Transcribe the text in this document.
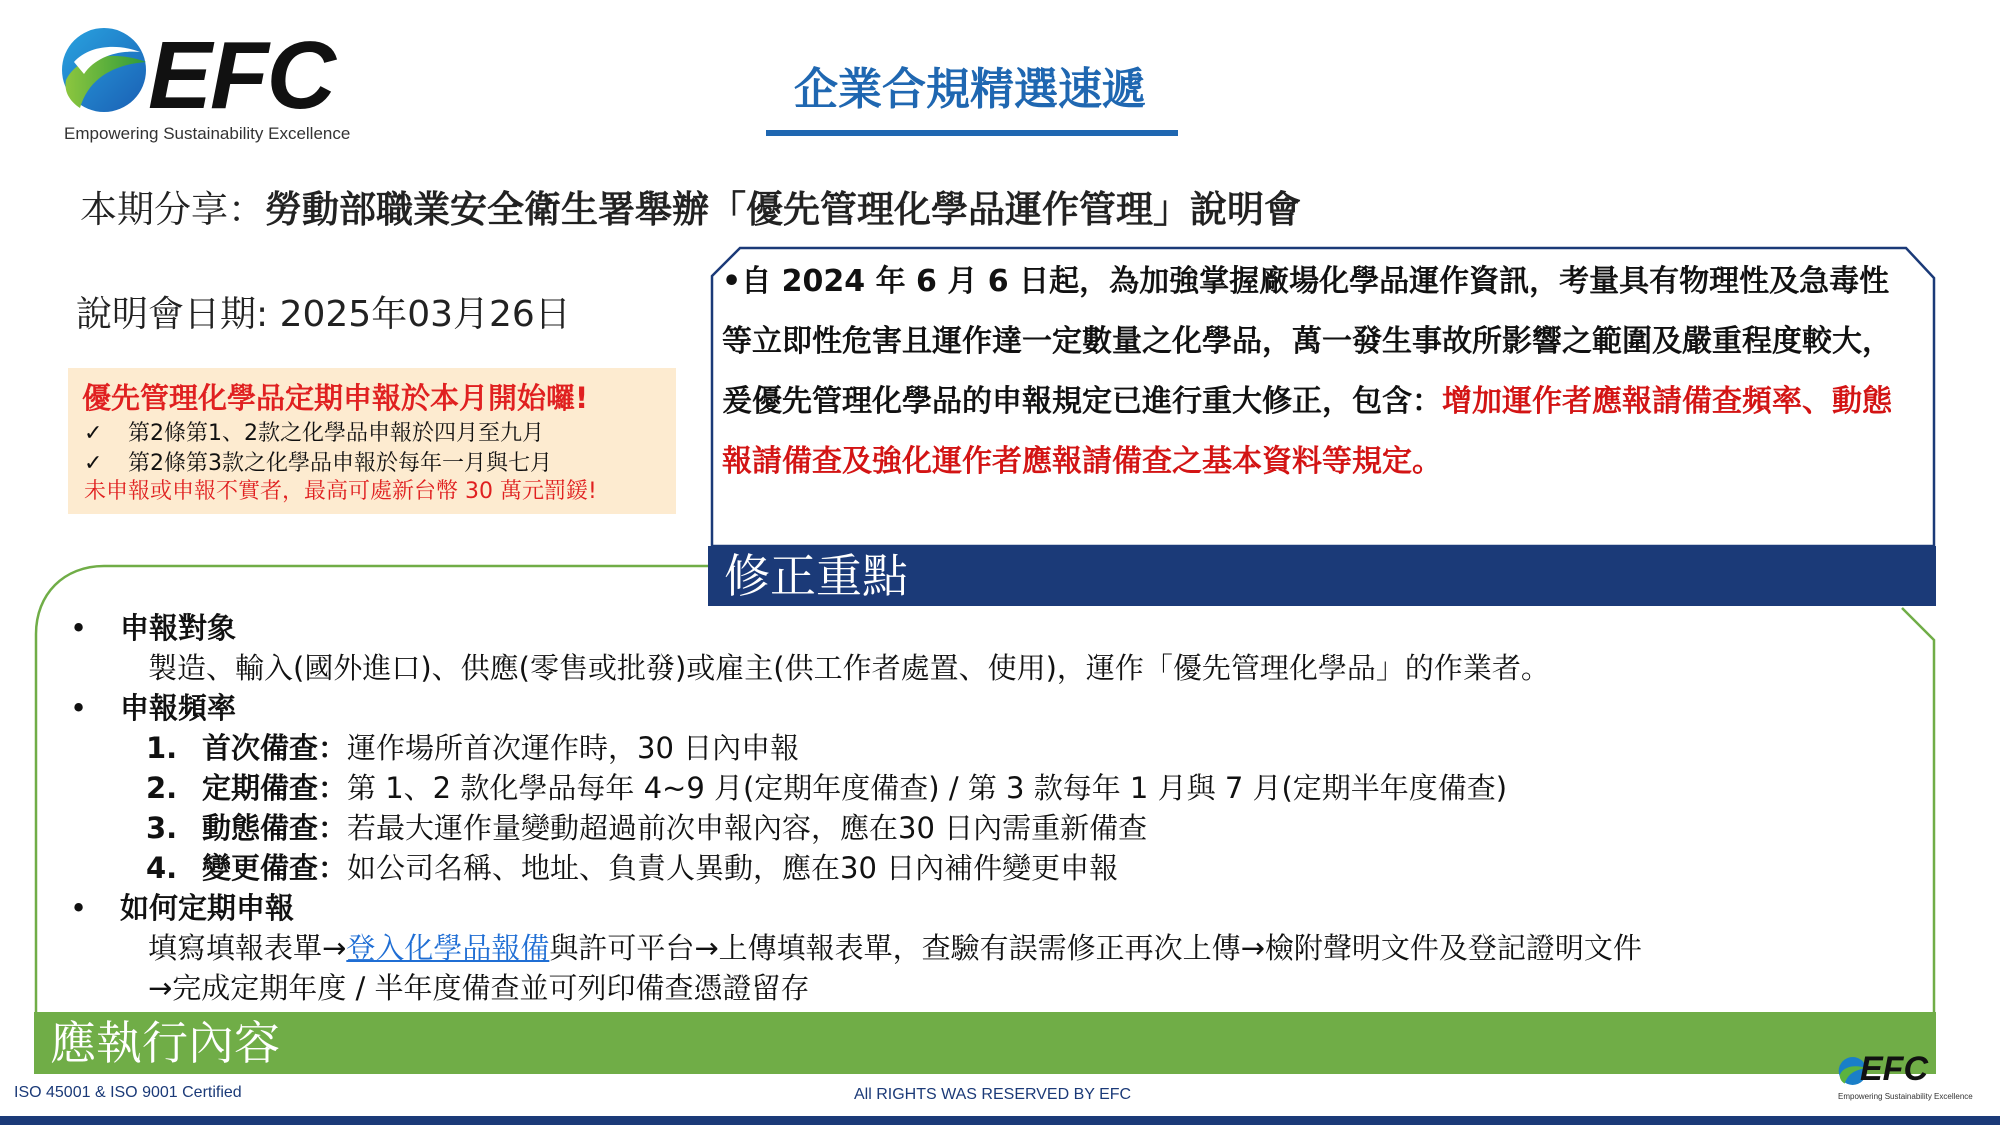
EFC
Empowering Sustainability Excellence
企業合規精選速遞
本期分享：勞動部職業安全衛生署舉辦「優先管理化學品運作管理」說明會
說明會日期: 2025年03月26日
優先管理化學品定期申報於本月開始囉!
✓ 第2條第1、2款之化學品申報於四月至九月
✓ 第2條第3款之化學品申報於每年一月與七月
未申報或申報不實者，最高可處新台幣 30 萬元罰鍰!
•自 2024 年 6 月 6 日起，為加強掌握廠場化學品運作資訊，考量具有物理性及急毒性等立即性危害且運作達一定數量之化學品，萬一發生事故所影響之範圍及嚴重程度較大，爰優先管理化學品的申報規定已進行重大修正，包含：增加運作者應報請備查頻率、動態報請備查及強化運作者應報請備查之基本資料等規定。
修正重點
•	申報對象
製造、輸入(國外進口)、供應(零售或批發)或雇主(供工作者處置、使用)，運作「優先管理化學品」的作業者。
•	申報頻率
1. 首次備查：運作場所首次運作時，30 日內申報
2. 定期備查：第 1、2 款化學品每年 4~9 月(定期年度備查) / 第 3 款每年 1 月與 7 月(定期半年度備查)
3. 動態備查：若最大運作量變動超過前次申報內容，應在30 日內需重新備查
4. 變更備查：如公司名稱、地址、負責人異動，應在30 日內補件變更申報
•	如何定期申報
填寫填報表單→登入化學品報備與許可平台→上傳填報表單，查驗有誤需修正再次上傳→檢附聲明文件及登記證明文件
→完成定期年度 / 半年度備查並可列印備查憑證留存
應執行內容
ISO 45001 & ISO 9001 Certified	All RIGHTS WAS RESERVED BY EFC
EFC
Empowering Sustainability Excellence
